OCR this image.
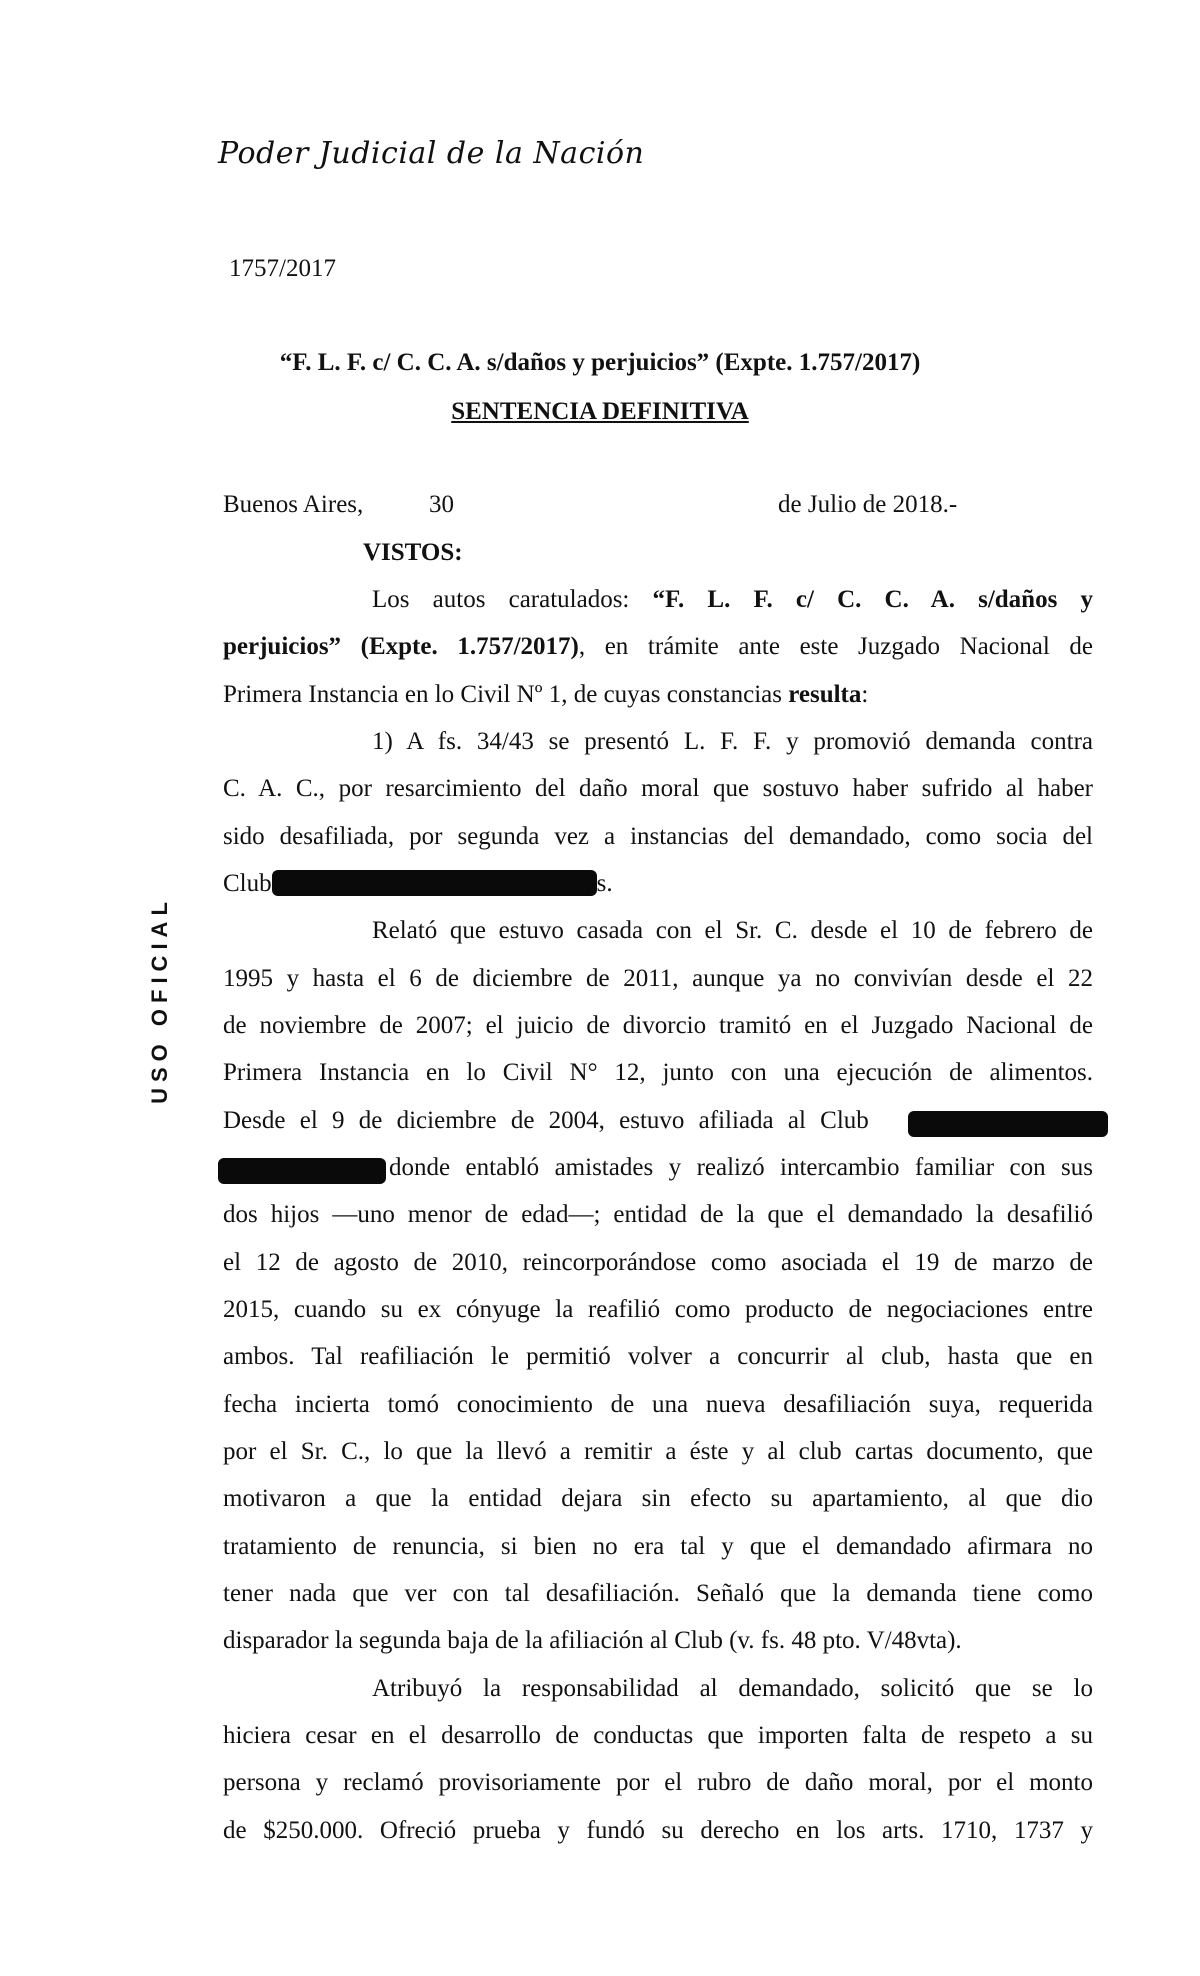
Poder Judicial de la Nación
1757/2017
USO OFICIAL
“F. L. F. c/ C. C. A. s/daños y perjuicios” (Expte. 1.757/2017)
SENTENCIA DEFINITIVA
Buenos Aires,	30	de Julio de 2018.-
VISTOS:
Los autos caratulados: “F. L. F. c/ C. C. A. s/daños y
perjuicios” (Expte. 1.757/2017), en trámite ante este Juzgado Nacional de
Primera Instancia en lo Civil Nº 1, de cuyas constancias resulta:
1) A fs. 34/43 se presentó L. F. F. y promovió demanda contra
C. A. C., por resarcimiento del daño moral que sostuvo haber sufrido al haber
sido desafiliada, por segunda vez a instancias del demandado, como socia del
Club	s.
Relató que estuvo casada con el Sr. C. desde el 10 de febrero de
1995 y hasta el 6 de diciembre de 2011, aunque ya no convivían desde el 22
de noviembre de 2007; el juicio de divorcio tramitó en el Juzgado Nacional de
Primera Instancia en lo Civil N° 12, junto con una ejecución de alimentos.
Desde el 9 de diciembre de 2004, estuvo afiliada al Club
donde entabló amistades y realizó intercambio familiar con sus
dos hijos —uno menor de edad—; entidad de la que el demandado la desafilió
el 12 de agosto de 2010, reincorporándose como asociada el 19 de marzo de
2015, cuando su ex cónyuge la reafilió como producto de negociaciones entre
ambos. Tal reafiliación le permitió volver a concurrir al club, hasta que en
fecha incierta tomó conocimiento de una nueva desafiliación suya, requerida
por el Sr. C., lo que la llevó a remitir a éste y al club cartas documento, que
motivaron a que la entidad dejara sin efecto su apartamiento, al que dio
tratamiento de renuncia, si bien no era tal y que el demandado afirmara no
tener nada que ver con tal desafiliación. Señaló que la demanda tiene como
disparador la segunda baja de la afiliación al Club (v. fs. 48 pto. V/48vta).
Atribuyó la responsabilidad al demandado, solicitó que se lo
hiciera cesar en el desarrollo de conductas que importen falta de respeto a su
persona y reclamó provisoriamente por el rubro de daño moral, por el monto
de $250.000. Ofreció prueba y fundó su derecho en los arts. 1710, 1737 y
